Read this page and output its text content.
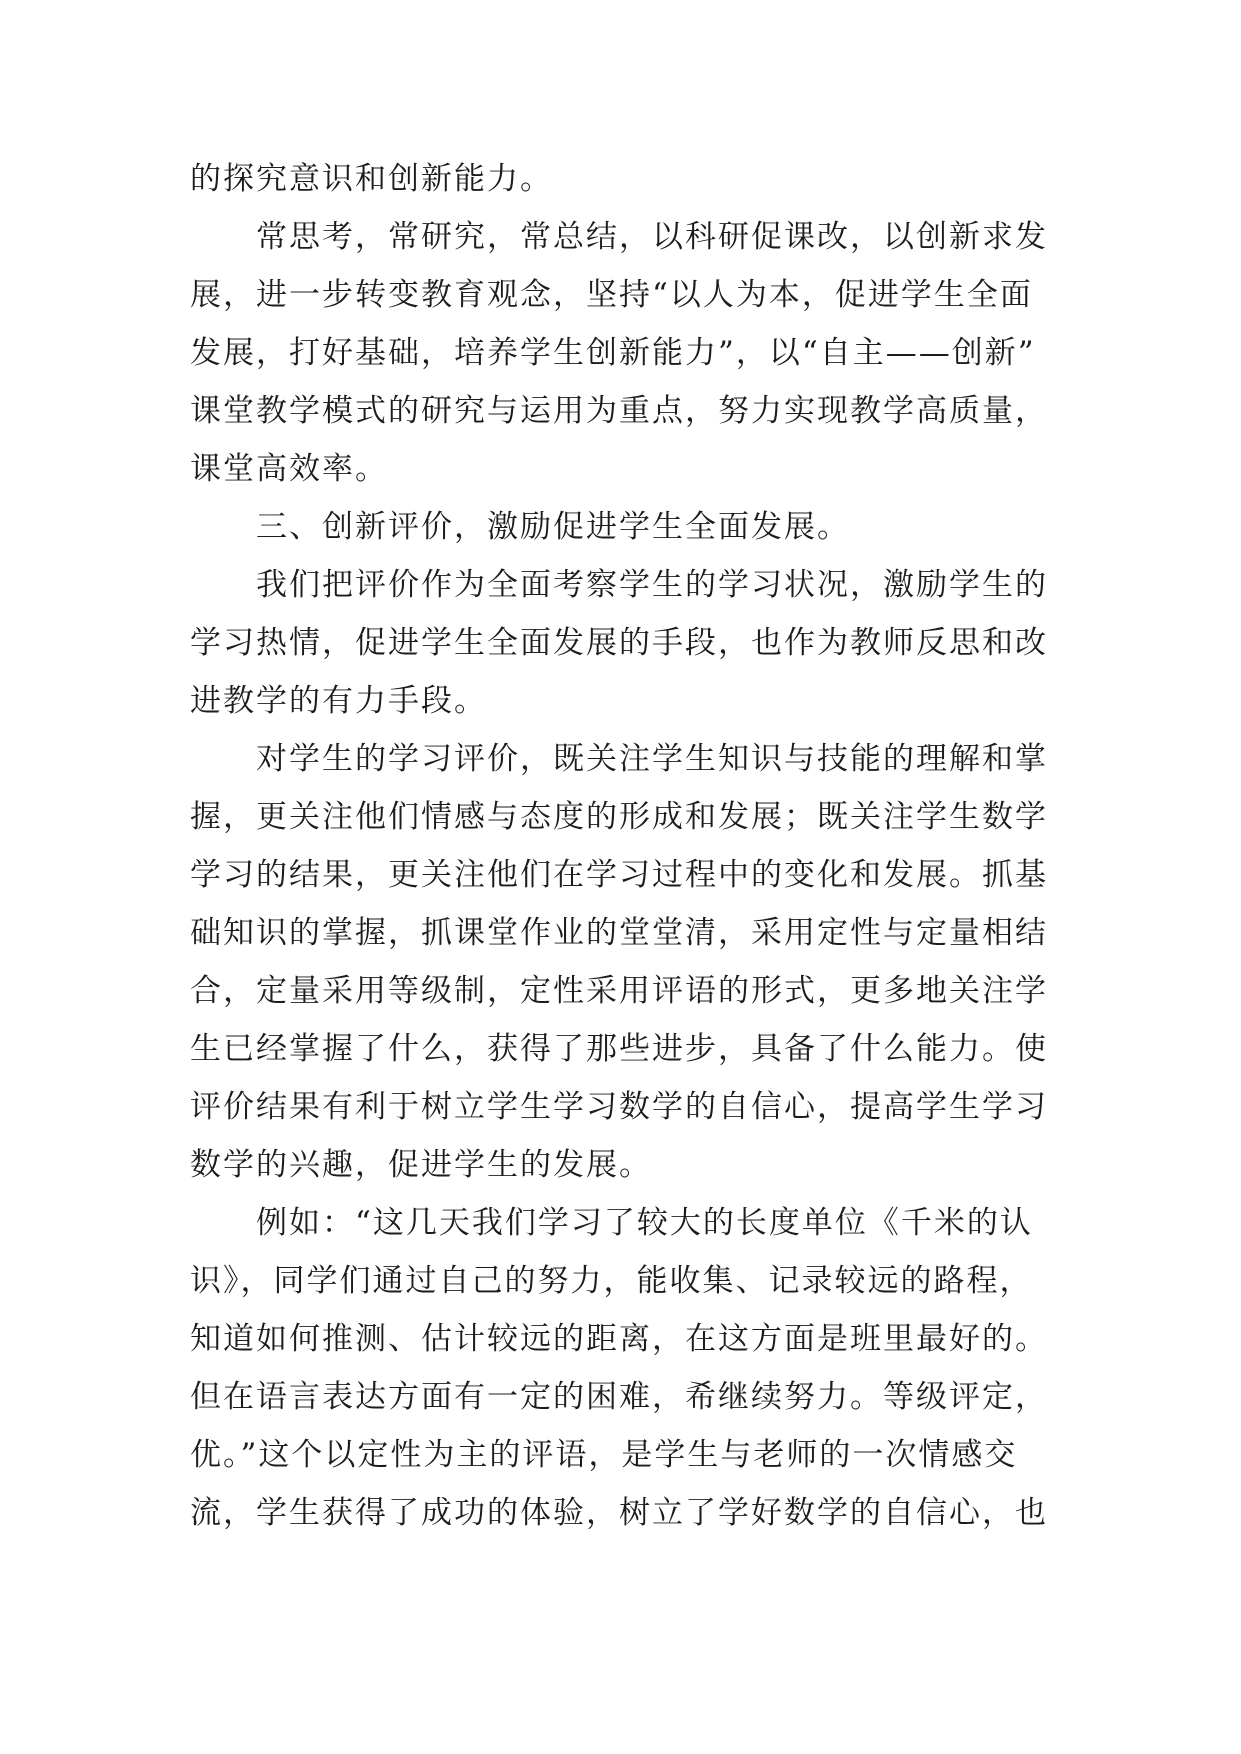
的探究意识和创新能力。
常思考，常研究，常总结，以科研促课改，以创新求发
展，进一步转变教育观念，坚持“以人为本，促进学生全面
发展，打好基础，培养学生创新能力”，以“自主——创新”
课堂教学模式的研究与运用为重点，努力实现教学高质量，
课堂高效率。
三、创新评价，激励促进学生全面发展。
我们把评价作为全面考察学生的学习状况，激励学生的
学习热情，促进学生全面发展的手段，也作为教师反思和改
进教学的有力手段。
对学生的学习评价，既关注学生知识与技能的理解和掌
握，更关注他们情感与态度的形成和发展；既关注学生数学
学习的结果，更关注他们在学习过程中的变化和发展。抓基
础知识的掌握，抓课堂作业的堂堂清，采用定性与定量相结
合，定量采用等级制，定性采用评语的形式，更多地关注学
生已经掌握了什么，获得了那些进步，具备了什么能力。使
评价结果有利于树立学生学习数学的自信心，提高学生学习
数学的兴趣，促进学生的发展。
例如：“这几天我们学习了较大的长度单位《千米的认
识》，同学们通过自己的努力，能收集、记录较远的路程，
知道如何推测、估计较远的距离，在这方面是班里最好的。
但在语言表达方面有一定的困难，希继续努力。等级评定，
优。”这个以定性为主的评语，是学生与老师的一次情感交
流，学生获得了成功的体验，树立了学好数学的自信心，也
